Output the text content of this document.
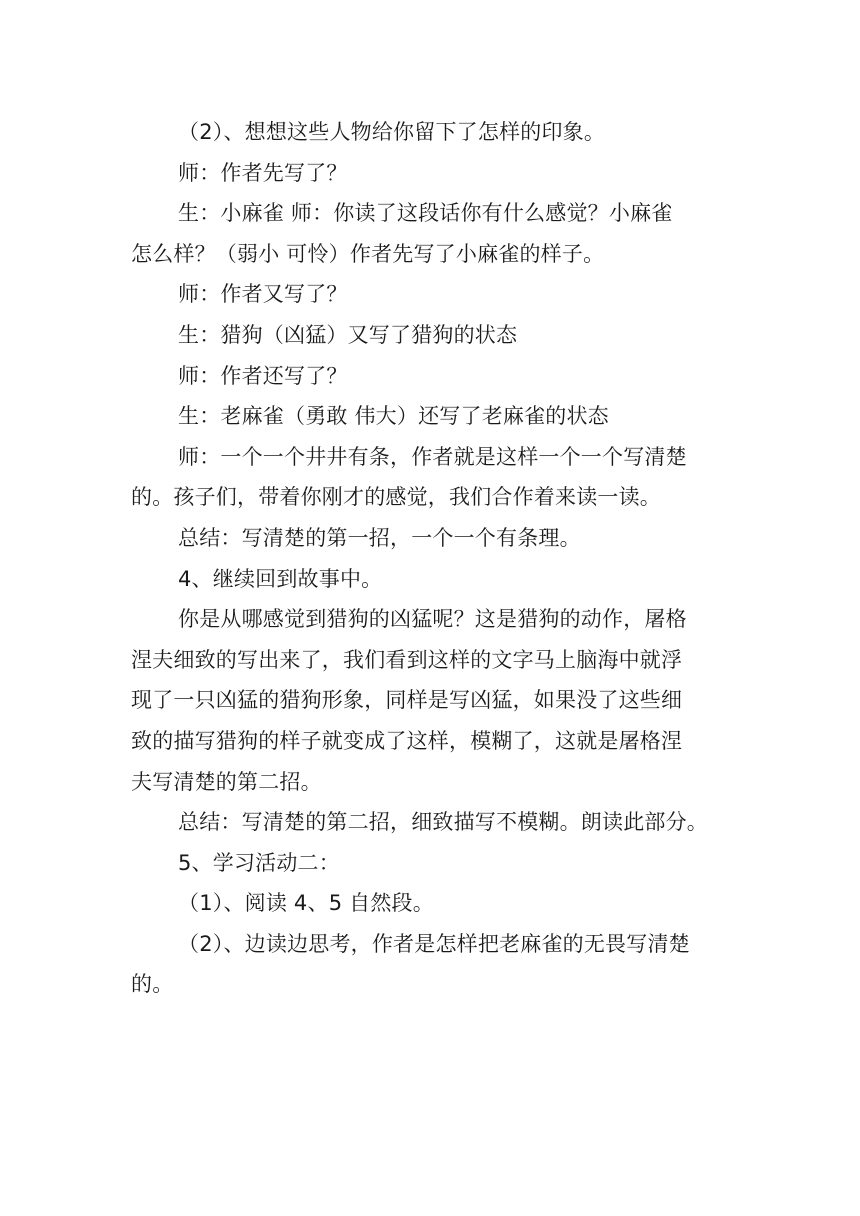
（2）、想想这些人物给你留下了怎样的印象。
师：作者先写了？
生：小麻雀 师：你读了这段话你有什么感觉？小麻雀
怎么样？（弱小 可怜）作者先写了小麻雀的样子。
师：作者又写了？
生：猎狗（凶猛）又写了猎狗的状态
师：作者还写了？
生：老麻雀（勇敢 伟大）还写了老麻雀的状态
师：一个一个井井有条，作者就是这样一个一个写清楚
的。孩子们，带着你刚才的感觉，我们合作着来读一读。
总结：写清楚的第一招，一个一个有条理。
4、继续回到故事中。
你是从哪感觉到猎狗的凶猛呢？这是猎狗的动作，屠格
涅夫细致的写出来了，我们看到这样的文字马上脑海中就浮
现了一只凶猛的猎狗形象，同样是写凶猛，如果没了这些细
致的描写猎狗的样子就变成了这样，模糊了，这就是屠格涅
夫写清楚的第二招。
总结：写清楚的第二招，细致描写不模糊。朗读此部分。
5、学习活动二：
（1）、阅读 4、5 自然段。
（2）、边读边思考，作者是怎样把老麻雀的无畏写清楚
的。
